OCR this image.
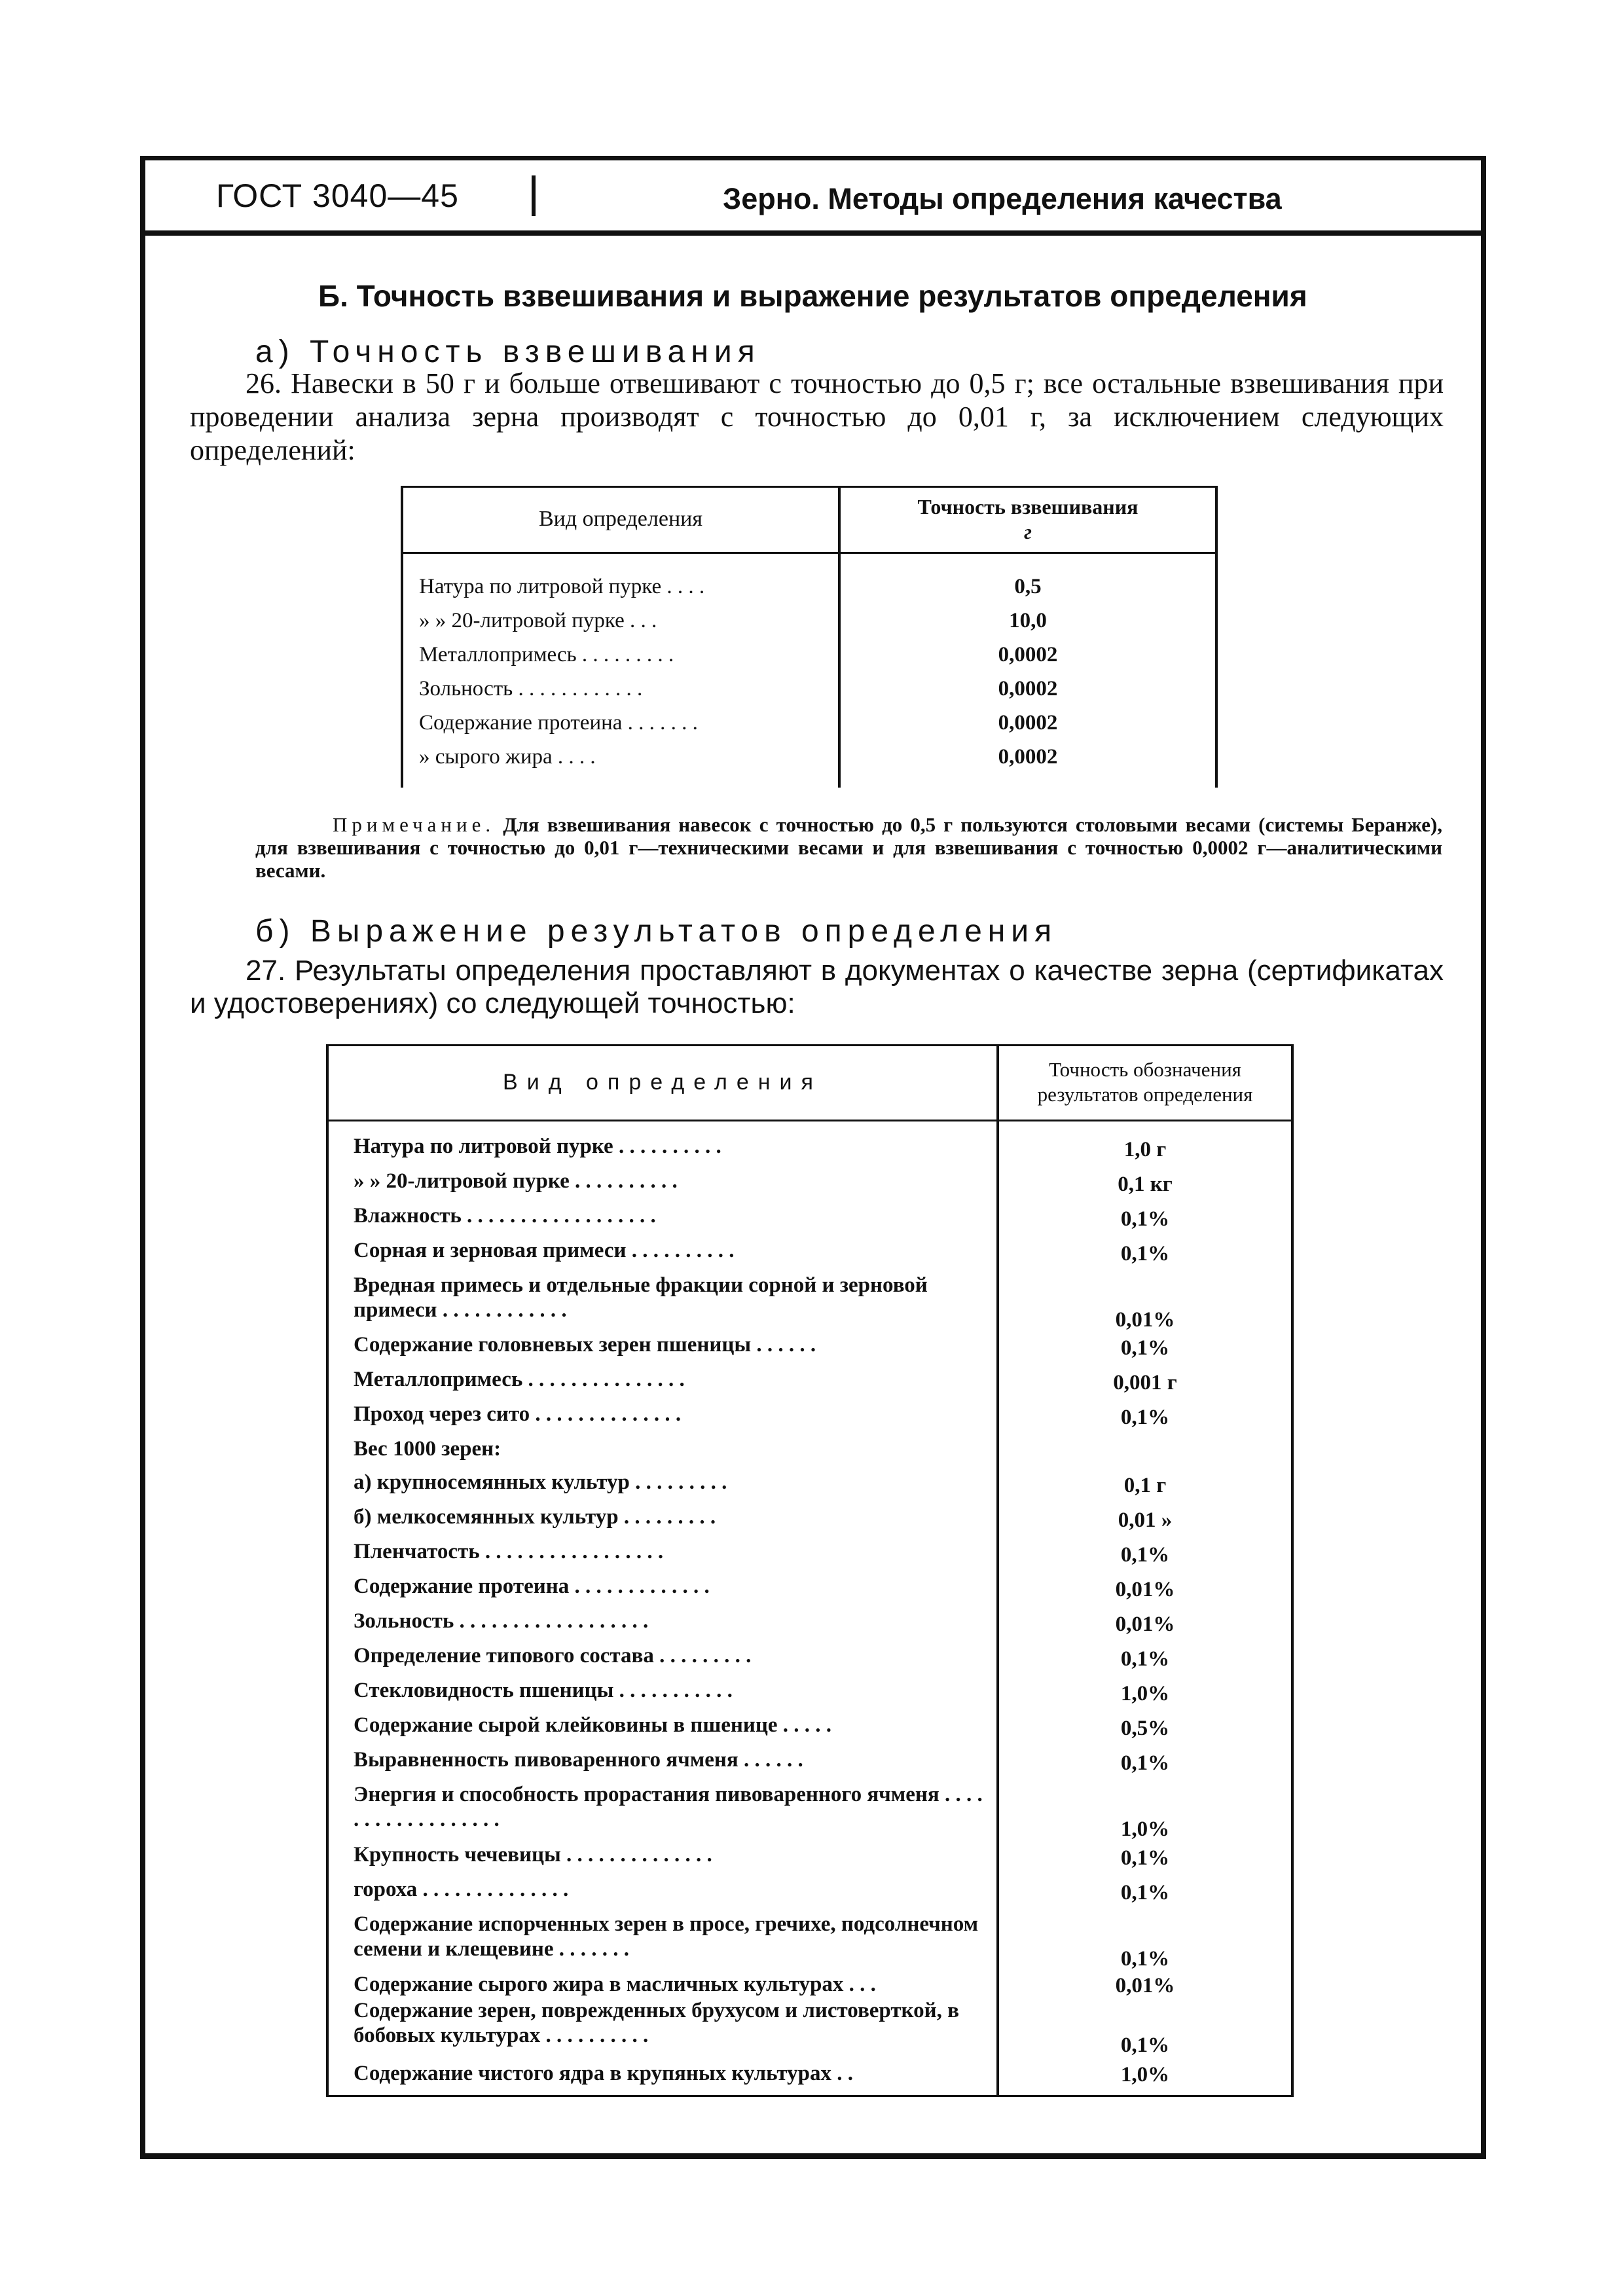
ГОСТ 3040—45	Зерно. Методы определения качества
Б. Точность взвешивания и выражение результатов определения
а) Точность взвешивания
26. Навески в 50 г и больше отвешивают с точностью до 0,5 г; все остальные взвешивания при проведении анализа зерна производят с точностью до 0,01 г, за исключением следующих определений:
Вид определения	Точность взвешивания
г
Натура по литровой пурке . . . .	0,5
» » 20-литровой пурке . . .	10,0
Металлопримесь . . . . . . . . .	0,0002
Зольность . . . . . . . . . . . .	0,0002
Содержание протеина . . . . . . .	0,0002
» сырого жира . . . .	0,0002
Примечание. Для взвешивания навесок с точностью до 0,5 г пользуются столовыми весами (системы Беранже), для взвешивания с точностью до 0,01 г—техническими весами и для взвешивания с точностью 0,0002 г—аналитическими весами.
б) Выражение результатов определения
27. Результаты определения проставляют в документах о качестве зерна (сертификатах и удостоверениях) со следующей точностью:
Вид определения	Точность обозначения
результатов определения
Натура по литровой пурке . . . . . . . . . .	1,0 г
» » 20-литровой пурке . . . . . . . . . .	0,1 кг
Влажность . . . . . . . . . . . . . . . . . .	0,1%
Сорная и зерновая примеси . . . . . . . . . .	0,1%
Вредная примесь и отдельные фракции сорной и зерновой примеси . . . . . . . . . . . .	0,01%
Содержание головневых зерен пшеницы . . . . . .	0,1%
Металлопримесь . . . . . . . . . . . . . . .	0,001 г
Проход через сито . . . . . . . . . . . . . .	0,1%
Вес 1000 зерен:
а) крупносемянных культур . . . . . . . . .	0,1 г
б) мелкосемянных культур . . . . . . . . .	0,01 »
Пленчатость . . . . . . . . . . . . . . . . .	0,1%
Содержание протеина . . . . . . . . . . . . .	0,01%
Зольность . . . . . . . . . . . . . . . . . .	0,01%
Определение типового состава . . . . . . . . .	0,1%
Стекловидность пшеницы . . . . . . . . . . .	1,0%
Содержание сырой клейковины в пшенице . . . . .	0,5%
Выравненность пивоваренного ячменя . . . . . .	0,1%
Энергия и способность прорастания пивоваренного ячменя . . . . . . . . . . . . . . . . . .	1,0%
Крупность чечевицы . . . . . . . . . . . . . .	0,1%
гороха . . . . . . . . . . . . . .	0,1%
Содержание испорченных зерен в просе, гречихе, подсолнечном семени и клещевине . . . . . . .	0,1%
Содержание сырого жира в масличных культурах . . .	0,01%
Содержание зерен, поврежденных брухусом и листоверткой, в бобовых культурах . . . . . . . . . .	0,1%
Содержание чистого ядра в крупяных культурах . .	1,0%
